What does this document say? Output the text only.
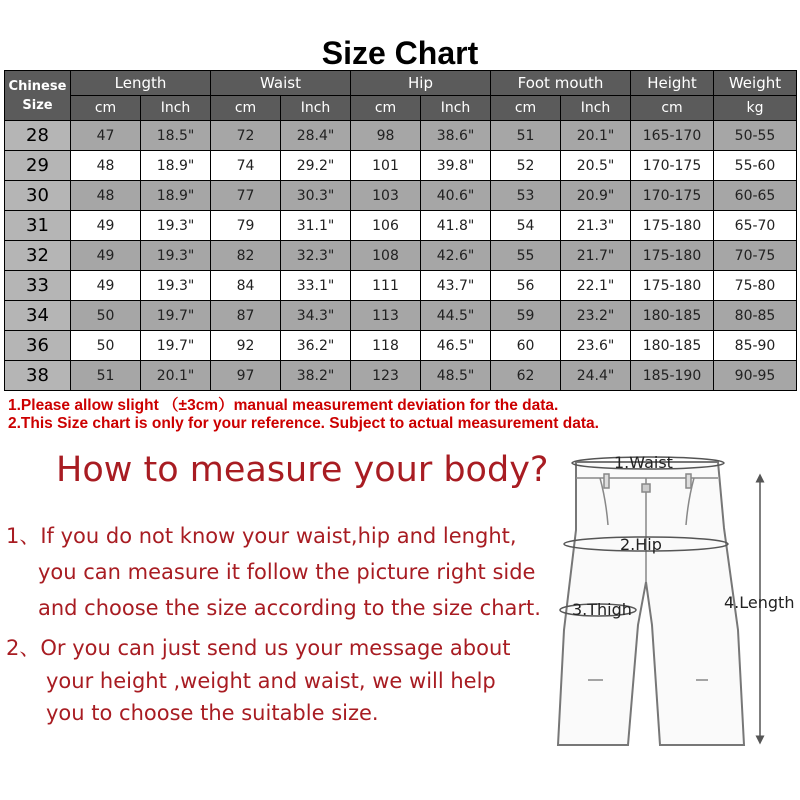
Size Chart
Chinese
Size	Length		Waist		Hip		Foot mouth		Height	Weight
	cm	Inch	cm	Inch	cm	Inch	cm	Inch	cm	kg
28	47	18.5"	72	28.4"	98	38.6"	51	20.1"	165-170	50-55
29	48	18.9"	74	29.2"	101	39.8"	52	20.5"	170-175	55-60
30	48	18.9"	77	30.3"	103	40.6"	53	20.9"	170-175	60-65
31	49	19.3"	79	31.1"	106	41.8"	54	21.3"	175-180	65-70
32	49	19.3"	82	32.3"	108	42.6"	55	21.7"	175-180	70-75
33	49	19.3"	84	33.1"	111	43.7"	56	22.1"	175-180	75-80
34	50	19.7"	87	34.3"	113	44.5"	59	23.2"	180-185	80-85
36	50	19.7"	92	36.2"	118	46.5"	60	23.6"	180-185	85-90
38	51	20.1"	97	38.2"	123	48.5"	62	24.4"	185-190	90-95
1.Please allow slight （±3cm）manual measurement deviation for the data.
2.This Size chart is only for your reference. Subject to actual measurement data.
How to measure your body?
1、If you do not know your waist,hip and lenght,
you can measure it follow the picture right side
and choose the size according to the size chart.
2、Or you can just send us your message about
your height ,weight and waist, we will help
you to choose the suitable size.
1.Waist
2.Hip
3.Thigh	4.Length
